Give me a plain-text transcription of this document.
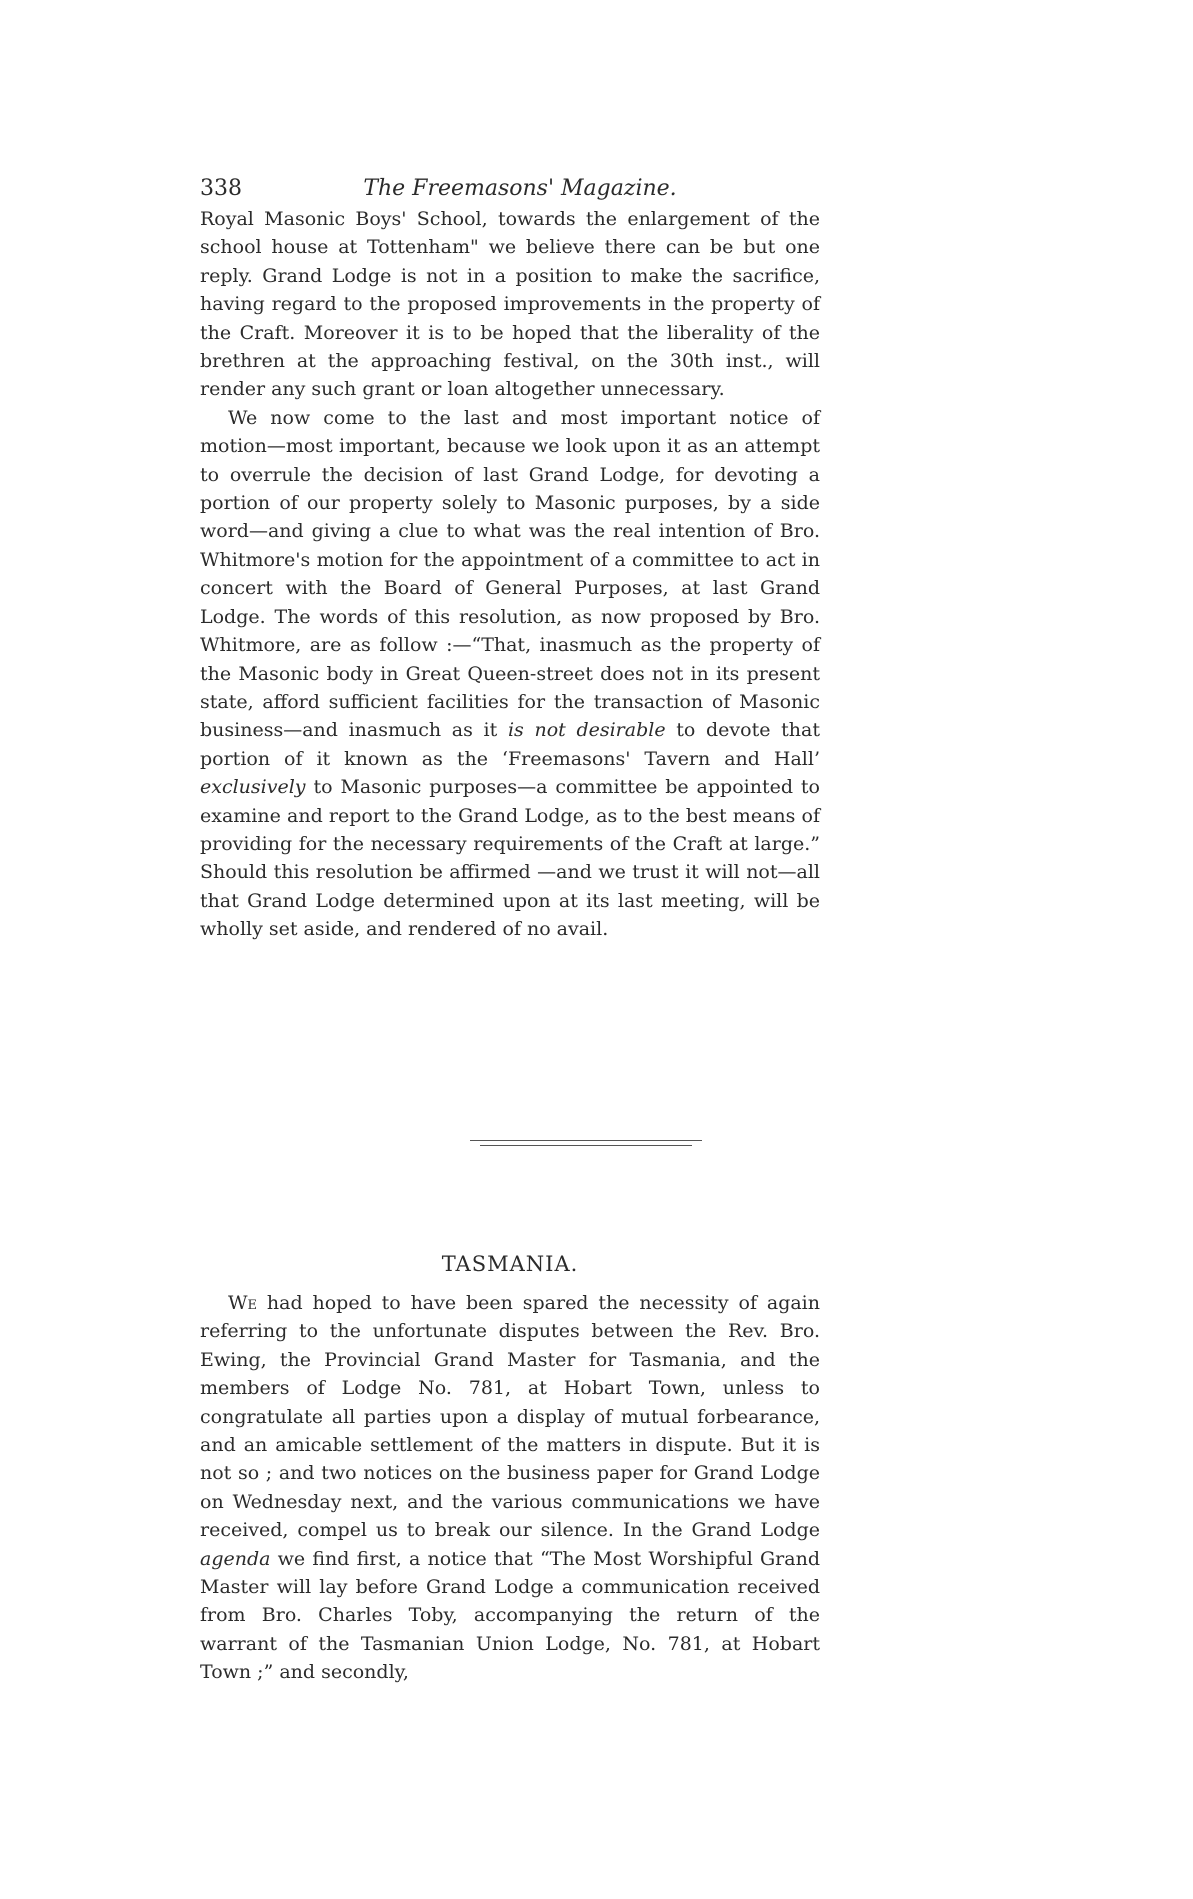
338	The Freemasons' Magazine.

Royal Masonic Boys' School, towards the enlargement of the school house at Tottenham" we believe there can be but one reply. Grand Lodge is not in a position to make the sacrifice, having regard to the proposed improvements in the property of the Craft. Moreover it is to be hoped that the liberality of the brethren at the approaching festival, on the 30th inst., will render any such grant or loan altogether unnecessary.

We now come to the last and most important notice of motion—most important, because we look upon it as an attempt to overrule the decision of last Grand Lodge, for devoting a portion of our property solely to Masonic purposes, by a side word—and giving a clue to what was the real intention of Bro. Whitmore's motion for the appointment of a committee to act in concert with the Board of General Purposes, at last Grand Lodge. The words of this resolution, as now proposed by Bro. Whitmore, are as follow :—“That, inasmuch as the property of the Masonic body in Great Queen-street does not in its present state, afford sufficient facilities for the transaction of Masonic business—and inasmuch as it is not desirable to devote that portion of it known as the ‘Freemasons' Tavern and Hall’ exclusively to Masonic purposes—a committee be appointed to examine and report to the Grand Lodge, as to the best means of providing for the necessary requirements of the Craft at large.” Should this resolution be affirmed —and we trust it will not—all that Grand Lodge determined upon at its last meeting, will be wholly set aside, and rendered of no avail.

TASMANIA.

We had hoped to have been spared the necessity of again referring to the unfortunate disputes between the Rev. Bro. Ewing, the Provincial Grand Master for Tasmania, and the members of Lodge No. 781, at Hobart Town, unless to congratulate all parties upon a display of mutual forbearance, and an amicable settlement of the matters in dispute. But it is not so ; and two notices on the business paper for Grand Lodge on Wednesday next, and the various communications we have received, compel us to break our silence. In the Grand Lodge agenda we find first, a notice that “The Most Worshipful Grand Master will lay before Grand Lodge a communication received from Bro. Charles Toby, accompanying the return of the warrant of the Tasmanian Union Lodge, No. 781, at Hobart Town ;” and secondly,
